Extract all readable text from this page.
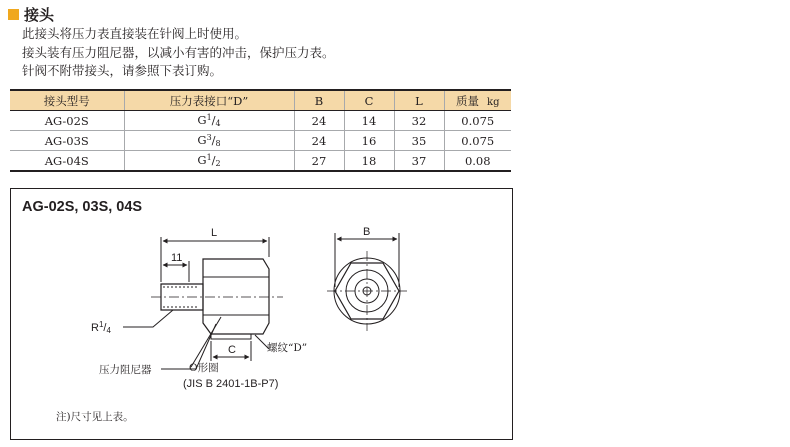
接头
此接头将压力表直接装在针阀上时使用。
接头装有压力阻尼器，以减小有害的冲击，保护压力表。
针阀不附带接头，请参照下表订购。
接头型号	压力表接口“D”	B	C	L	质量 kg
AG-02S	$G^1/_4$	24	14	32	0.075
AG-03S	$G^3/_8$	24	16	35	0.075
AG-04S	$G^1/_2$	27	18	37	0.08
AG-02S, 03S, 04S
L
11
C
B
$R^1/4$
压力阻尼器
螺纹“D”
O形圈
(JIS B 2401-1B-P7)
注)尺寸见上表。
